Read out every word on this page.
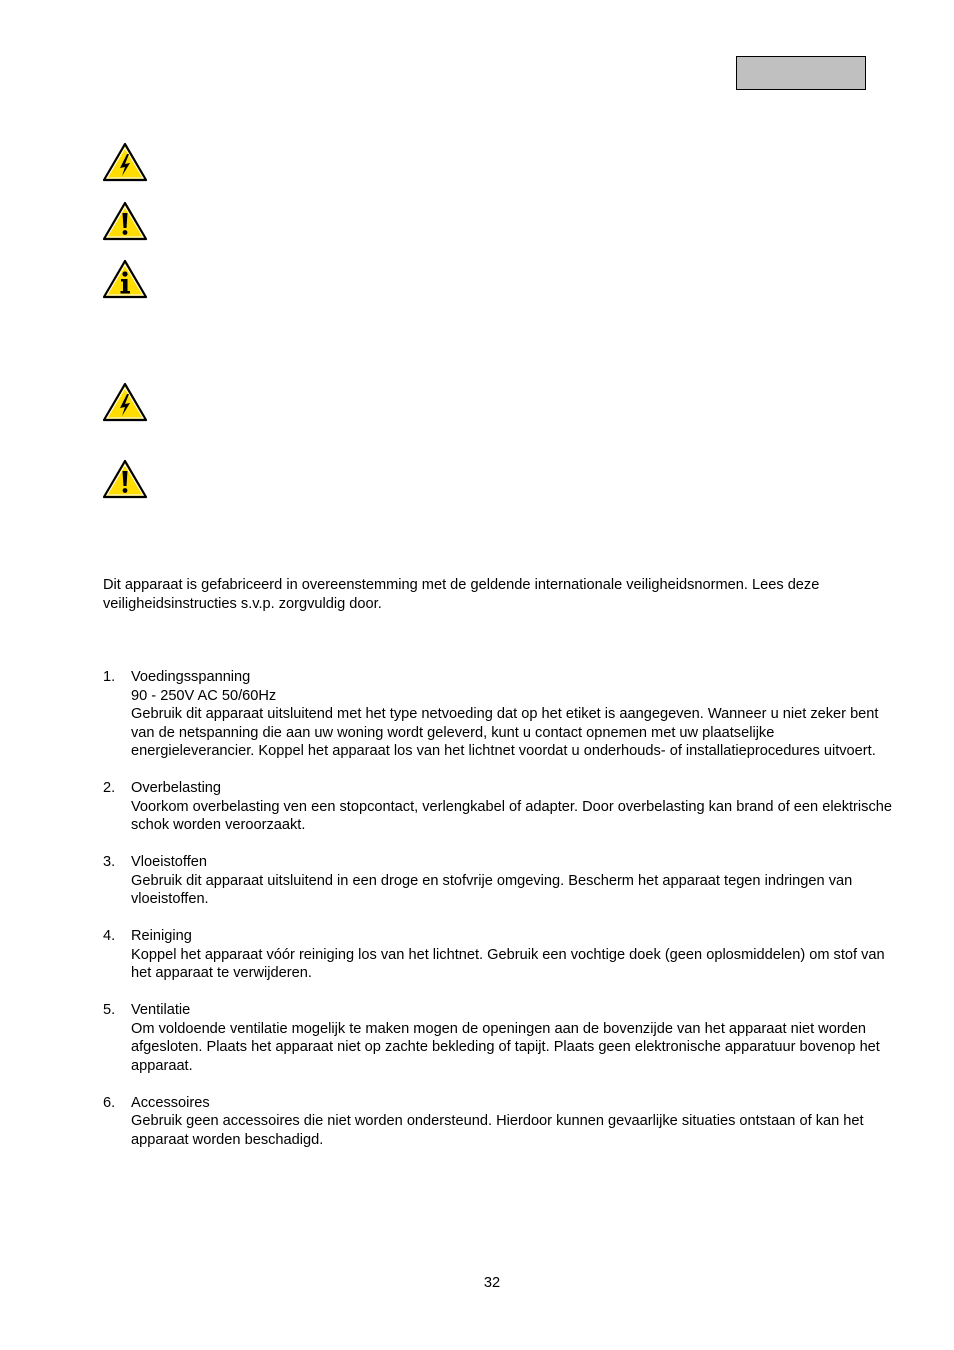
Dit apparaat is gefabriceerd in overeenstemming met de geldende internationale veiligheidsnormen. Lees deze veiligheidsinstructies s.v.p. zorgvuldig door.

1. Voedingsspanning
90 - 250V AC 50/60Hz
Gebruik dit apparaat uitsluitend met het type netvoeding dat op het etiket is aangegeven. Wanneer u niet zeker bent van de netspanning die aan uw woning wordt geleverd, kunt u contact opnemen met uw plaatselijke energieleverancier. Koppel het apparaat los van het lichtnet voordat u onderhouds- of installatieprocedures uitvoert.
2. Overbelasting
Voorkom overbelasting ven een stopcontact, verlengkabel of adapter. Door overbelasting kan brand of een elektrische schok worden veroorzaakt.
3. Vloeistoffen
Gebruik dit apparaat uitsluitend in een droge en stofvrije omgeving. Bescherm het apparaat tegen indringen van vloeistoffen.
4. Reiniging
Koppel het apparaat vóór reiniging los van het lichtnet. Gebruik een vochtige doek (geen oplosmiddelen) om stof van het apparaat te verwijderen.
5. Ventilatie
Om voldoende ventilatie mogelijk te maken mogen de openingen aan de bovenzijde van het apparaat niet worden afgesloten. Plaats het apparaat niet op zachte bekleding of tapijt. Plaats geen elektronische apparatuur bovenop het apparaat.
6. Accessoires
Gebruik geen accessoires die niet worden ondersteund. Hierdoor kunnen gevaarlijke situaties ontstaan of kan het apparaat worden beschadigd.
32
